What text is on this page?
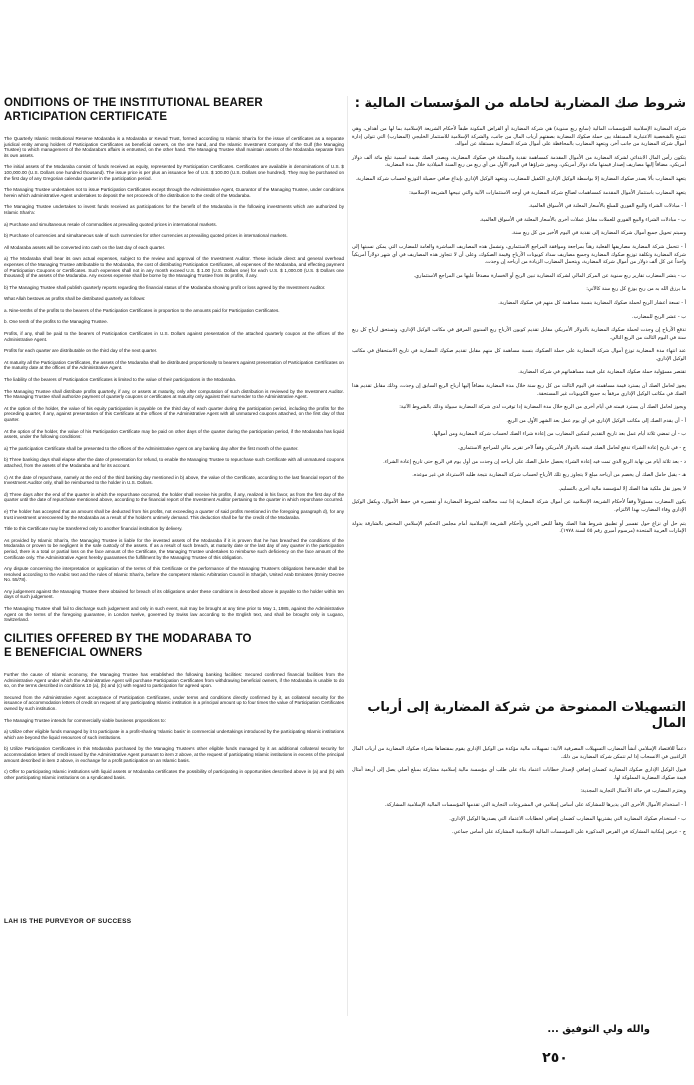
ONDITIONS OF THE INSTITUTIONAL BEARER
ARTICIPATION CERTIFICATE

The Quarterly Islamic Institutional Reserve Modaraba is a Modaraba or Kevad Trust, formed according to Islamic Shari'a for the issue of certificates as a separate juridical entity among holders of Participation Certificates as beneficial owners, on the one hand, and the Islamic Investment Company of the Gulf (the Managing Trustee) to which management of the Modaraba's affairs is entrusted, on the other hand. The Managing Trustee shall maintain assets of the Modaraba separate from its own assets.

The initial assets of the Modaraba consist of funds received as equity, represented by Participation Certificates. Certificates are available in denominations of U.S. $ 100,000.00 (U.S. Dollars one hundred thousand). The issue price is per plus an issuance fee of U.S. $ 100.00 (U.S. Dollars one hundred). They may be purchased on the first day of any Gregorian calendar quarter in the participation period.

The Managing Trustee undertakes not to issue Participation Certificates except through the Administrative Agent, Guarantor of the Managing Trustee, under conditions herein which administrative Agent undertakes to deposit the net proceeds of the distribution to the credit of the Modaraba.

The Managing Trustee undertakes to invest funds received as participations for the benefit of the Modaraba in the following investments which are authorized by Islamic Shari'a:

a) Purchase and simultaneous resale of commodities at prevailing quoted prices in international markets.

b) Purchase of currencies and simultaneous sale of such currencies for other currencies at prevailing quoted prices in international markets.

All Modaraba assets will be converted into cash on the last day of each quarter.

a) The Modaraba shall bear its own actual expenses, subject to the review and approval of the Investment Auditor. These include direct and general overhead expenses of the Managing Trustee attributable to the Modaraba, the cost of distributing Participation Certificates, all expenses of the Modaraba, and effecting payment of Participation Coupons or Certificates. Such expenses shall not in any month exceed U.S. $ 1.00 (U.S. Dollars one) for each U.S. $ 1,000.00 (U.S. $ Dollars one thousand) of the assets of the Modaraba. Any excess expense shall be borne by the Managing Trustee from its profits, if any.

b) The Managing Trustee shall publish quarterly reports regarding the financial status of the Modaraba showing profit or loss agreed by the Investment Auditor.

What Allah bestows as profits shall be distributed quarterly as follows:

a. Nine-tenths of the profits to the bearers of the Participation Certificates in proportion to the amounts paid for Participation Certificates.

b. One tenth of the profits to the Managing Trustee.

Profits, if any, shall be paid to the bearers of Participation Certificates in U.S. Dollars against presentation of the attached quarterly coupon at the offices of the Administrative Agent.

Profits for each quarter are distributable on the third day of the next quarter.

At maturity all the Participation Certificates, the assets of the Modaraba shall be distributed proportionally to bearers against presentation of Participation Certificates on the maturity date at the offices of the Administrative Agent.

The liability of the bearers of Participation Certificates is limited to the value of their participations in the Modaraba.

The Managing Trustee shall distribute profits quarterly, if any, or assets at maturity, only after computation of such distribution is reviewed by the Investment Auditor. The Managing Trustee shall authorize payment of quarterly coupons or certificates at maturity only against their surrender to the Administrative Agent.

At the option of the holder, the value of his equity participation is payable on the third day of each quarter during the participation period, including the profits for the preceding quarter, if any, against presentation of this Certificate at the offices of the Administrative Agent with all unmatured coupons attached, on the first day of that quarter.

At the option of the holder, the value of his Participation Certificate may be paid on other days of the quarter during the participation period, if the Modaraba has liquid assets, under the following conditions:

a) The participation Certificate shall be presented to the offices of the Administrative Agent on any banking day after the first month of the quarter.

b) Three banking days shall elapse after the date of presentation for refund, to enable the Managing Trustee to repurchase such Certificate with all unmatured coupons attached, from the assets of the Modaraba and for its account.

c) At the date of repurchase, namely at the end of the third banking day mentioned in b) above, the value of the Certificate, according to the last financial report of the Investment Auditor only, shall be reimbursed to the holder in U.S. Dollars.

d) Three days after the end of the quarter in which the repurchase occurred, the holder shall receive his profits, if any, realized in his favor, as from the first day of the quarter until the date of repurchase mentioned above, according to the financial report of the Investment Auditor pertaining to the quarter in which repurchase occurred.

e) The holder has accepted that an amount shall be deducted from his profits, not exceeding a quarter of said profits mentioned in the foregoing paragraph d), for any trust investment unrecovered by the Modaraba as a result of the holder's untimely demand. This deduction shall be for the credit of the Modaraba.

Title to this Certificate may be transferred only to another financial institution by delivery.

As provided by Islamic Shari'a, the Managing Trustee is liable for the invested assets of the Modaraba if it is proven that he has breached the conditions of the Modaraba or proven to be negligent in the safe custody of the assets. If as a result of such breach, at maturity date or the last day of any quarter in the participation period, there is a total or partial loss on the face amount of the Certificate, the Managing Trustee undertakes to reimburse such deficiency on the face amount of the Certificate only. The Administrative Agent hereby guarantees the fulfillment by the Managing Trustee of this obligation.

Any dispute concerning the interpretation or application of the terms of this Certificate or the performance of the Managing Trustee's obligations hereunder shall be resolved according to the Arabic text and the rules of Islamic Shari'a, before the competent Islamic Arbitration Council in Sharjah, United Arab Emirates (Emiry Decree No. 55/78).

Any judgement against the Managing Trustee there obtained for breach of its obligations under these conditions in described above is payable to the holder within ten days of such judgement.

The Managing Trustee shall fail to discharge such judgement and only in such event, suit may be brought at any time prior to May 1, 1985, against the Administrative Agent on the terms of the foregoing guarantee, in London twelve, governed by Swiss law according to the English text, and shall be brought only in Lugano, Switzerland.

CILITIES OFFERED BY THE MODARABA TO
E BENEFICIAL OWNERS

Further the cause of Islamic economy, the Managing Trustee has established the following banking facilities: Secured confirmed financial facilities from the Administrative Agent under which the Administrative Agent will purchase Participation Certificates from withdrawing beneficial owners, if the Modaraba is unable to do so, on the terms described in conditions 10 (a), (b) and (c) with regard to participation for agreed upon.

Secured from the Administrative Agent acceptance of Participation Certificates, under terms and conditions directly confirmed by it, as collateral security for the issuance of accommodation letters of credit on request of any participating Islamic institution in a principal amount up to four times the value of Participation Certificates owned by such institution.

The Managing Trustee intends for commercially viable business propositions to:

a) Utilize other eligible funds managed by it to participate in a profit-sharing 'Islamic basis' in commercial undertakings introduced by the participating Islamic institutions which are beyond the liquid resources of such institutions.

b) Utilize Participation Certificates in this Modaraba purchased by the Managing Trustee's other eligible funds managed by it as additional collateral security for accommodation letters of credit issued by the Administrative Agent pursuant to item 2 above, at the request of participating Islamic institutions in excess of the principal amount described in item 2 above, in exchange for a profit participation on an Islamic basis.

c) Offer to participating Islamic institutions with liquid assets or Modaraba certificates the possibility of participating in opportunities described above in (a) and (b) with other participating Islamic institutions on a syndicated basis.

LAH IS THE PURVEYOR OF SUCCESS
شروط صك المضاربة لحامله من المؤسسات المالية :

شركة المضاربة الإسلامية للمؤسسات المالية (سابع ربع سنوية) هي شركة المضاربة أو القراض المكونة طبقاً لأحكام الشريعة الإسلامية بما لها من أهداف، وهي تتمتع بالشخصية الاعتبارية المستقلة بين حملة صكوك المضاربة بصفتهم أرباب المال من جانب، والشركة الإسلامية للاستثمار الخليجي (المضارب) التي تتولى إدارة أموال شركة المضاربة من جانب آخر، ويتعهد المضارب بالمحافظة على أموال شركة المضاربة مستقلة عن أمواله.

يتكون رأس المال الابتدائي لشركة المضاربة من الأموال المقدمة كمساهمة نقدية والممثلة في صكوك المضاربة، ويصدر الصك بقيمة اسمية تبلغ مائة ألف دولار أمريكي، مضافاً إليها مصاريف إصدار قيمتها مائة دولار أمريكي، ويجوز شراؤها في اليوم الأول من أي ربع من ربع السنة الميلادية خلال مدة المضاربة.

يتعهد المضارب بألا يصدر صكوك المضاربة إلا بواسطة الوكيل الإداري الكفيل للمضارب، ويتعهد الوكيل الإداري بإيداع صافي حصيلة التوزيع لحساب شركة المضاربة.

يتعهد المضارب باستثمار الأموال المقدمة كمساهمات لصالح شركة المضاربة في أوجه الاستثمارات الآتية والتي تبيحها الشريعة الإسلامية:

أ - مبادلات الشراء والبيع الفوري للسلع بالأسعار المعلنة في الأسواق العالمية.

ب - مبادلات الشراء والبيع الفوري للعملات مقابل عملات أخرى بالأسعار المعلنة في الأسواق العالمية.

وسيتم تحويل جميع أموال شركة المضاربة إلى نقدية في اليوم الأخير من كل ربع سنة.

أ - تتحمل شركة المضاربة مصاريفها الفعلية رهناً بمراجعة وموافقة المراجع الاستثماري، وتشمل هذه المصاريف المباشرة والعامة للمضارب التي يمكن نسبتها إلى شركة المضاربة وتكلفة توزيع صكوك المضاربة وجميع مصاريف سداد كوبونات الأرباح وقيمة الصكوك، وعلى أن لا تتجاوز هذه المصاريف في أي شهر دولاراً أمريكياً واحداً عن كل ألف دولار من أموال شركة المضاربة، ويتحمل المضارب الزيادة من أرباحه إن وجدت.

ب - ينشر المضارب تقارير ربع سنوية عن المركز المالي لشركة المضاربة تبين الربح أو الخسارة مصدقاً عليها من المراجع الاستثماري.

ما يرزق الله به من ربح يوزع كل ربع سنة كالآتي:

أ - تسعة أعشار الربح لحملة صكوك المضاربة بنسبة مساهمة كل منهم في صكوك المضاربة.

ب - عشر الربح للمضارب.

تدفع الأرباح إن وجدت لحملة صكوك المضاربة بالدولار الأمريكي مقابل تقديم كوبون الأرباح ربع السنوي المرفق في مكاتب الوكيل الإداري، وتستحق أرباح كل ربع سنة في اليوم الثالث من الربع التالي.

عند انتهاء مدة المضاربة توزع أموال شركة المضاربة على حملة الصكوك بنسبة مساهمة كل منهم مقابل تقديم صكوك المضاربة في تاريخ الاستحقاق في مكاتب الوكيل الإداري.

تقتصر مسؤولية حملة صكوك المضاربة على قيمة مساهماتهم في شركة المضاربة.

يجوز لحامل الصك أن يسترد قيمة مساهمته في اليوم الثالث من كل ربع سنة خلال مدة المضاربة مضافاً إليها أرباح الربع السابق إن وجدت، وذلك مقابل تقديم هذا الصك في مكاتب الوكيل الإداري مرفقاً به جميع الكوبونات غير المستحقة.

ويجوز لحامل الصك أن يسترد قيمته في أيام أخرى من الربع خلال مدة المضاربة إذا توفرت لدى شركة المضاربة سيولة وذلك بالشروط الآتية:

أ - أن يقدم الصك إلى مكاتب الوكيل الإداري في أي يوم عمل بعد الشهر الأول من الربع.

ب - أن تمضي ثلاثة أيام عمل بعد تاريخ التقديم لتمكين المضارب من إعادة شراء الصك لحساب شركة المضاربة ومن أموالها.

ج - في تاريخ إعادة الشراء تدفع لحامل الصك قيمته بالدولار الأمريكي وفقاً لآخر تقرير مالي للمراجع الاستثماري.

د - بعد ثلاثة أيام من نهاية الربع الذي تمت فيه إعادة الشراء يحصل حامل الصك على أرباحه إن وجدت من أول يوم في الربع حتى تاريخ إعادة الشراء.

هـ - يقبل حامل الصك أن يخصم من أرباحه مبلغ لا يتجاوز ربع تلك الأرباح لحساب شركة المضاربة نتيجة طلبه الاسترداد في غير موعده.

لا يجوز نقل ملكية هذا الصك إلا لمؤسسة مالية أخرى بالتسليم.

يكون المضارب مسؤولاً وفقاً لأحكام الشريعة الإسلامية عن أموال شركة المضاربة إذا ثبت مخالفته لشروط المضاربة أو تقصيره في حفظ الأموال، ويكفل الوكيل الإداري وفاء المضارب بهذا الالتزام.

يتم حل أي نزاع حول تفسير أو تطبيق شروط هذا الصك وفقاً للنص العربي وأحكام الشريعة الإسلامية أمام مجلس التحكيم الإسلامي المختص بالشارقة بدولة الإمارات العربية المتحدة (مرسوم أميري رقم ٥٥ لسنة ١٩٧٨).

التسهيلات الممنوحة من شركة المضاربة إلى أرباب المال

دعماً للاقتصاد الإسلامي أنشأ المضارب التسهيلات المصرفية الآتية: تسهيلات مالية مؤكدة من الوكيل الإداري يقوم بمقتضاها بشراء صكوك المضاربة من أرباب المال الراغبين في الانسحاب إذا لم تتمكن شركة المضاربة من ذلك.

قبول الوكيل الإداري صكوك المضاربة كضمان إضافي لإصدار خطابات اعتماد بناء على طلب أي مؤسسة مالية إسلامية مشاركة بمبلغ أصلي يصل إلى أربعة أمثال قيمة صكوك المضاربة المملوكة لها.

ويعتزم المضارب في حالة الأعمال التجارية المجدية:

أ - استخدام الأموال الأخرى التي يديرها للمشاركة على أساس إسلامي في المشروعات التجارية التي تقدمها المؤسسات المالية الإسلامية المشاركة.

ب - استخدام صكوك المضاربة التي يشتريها المضارب كضمان إضافي لخطابات الاعتماد التي يصدرها الوكيل الإداري.

ج - عرض إمكانية المشاركة في الفرص المذكورة على المؤسسات المالية الإسلامية المشاركة على أساس جماعي.

والله ولي التوفيق ...
٢٥٠
